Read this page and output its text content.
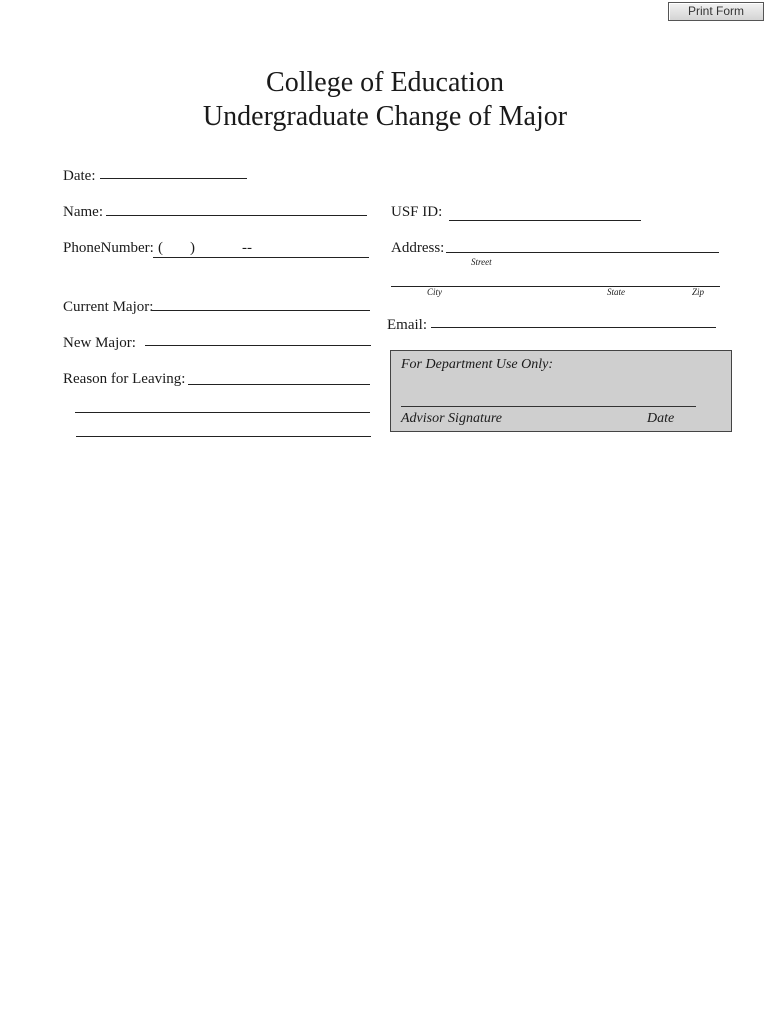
Print Form
College of Education
Undergraduate Change of Major
Date:
Name:	USF ID:
PhoneNumber: ( )	--	Address:
Street
City	State	Zip
Current Major:
Email:
New Major:
Reason for Leaving:
For Department Use Only:
Advisor Signature	Date
